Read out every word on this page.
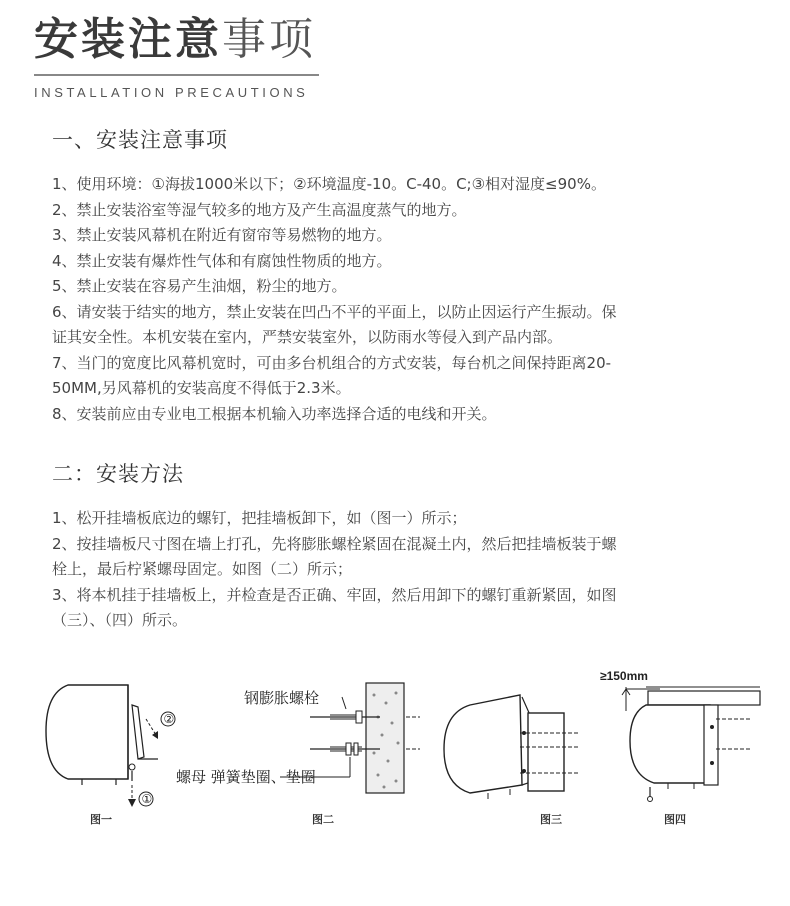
安装注意事项
INSTALLATION PRECAUTIONS
一、安装注意事项
1、使用环境：①海拔1000米以下；②环境温度-10。C-40。C;③相对湿度≤90%。
2、禁止安装浴室等湿气较多的地方及产生高温度蒸气的地方。
3、禁止安装风幕机在附近有窗帘等易燃物的地方。
4、禁止安装有爆炸性气体和有腐蚀性物质的地方。
5、禁止安装在容易产生油烟，粉尘的地方。
6、请安装于结实的地方，禁止安装在凹凸不平的平面上，以防止因运行产生振动。保
证其安全性。本机安装在室内，严禁安装室外，以防雨水等侵入到产品内部。
7、当门的宽度比风幕机宽时，可由多台机组合的方式安装，每台机之间保持距离20-
50MM,另风幕机的安装高度不得低于2.3米。
8、安装前应由专业电工根据本机输入功率选择合适的电线和开关。
二：安装方法
1、松开挂墙板底边的螺钉，把挂墙板卸下，如（图一）所示；
2、按挂墙板尺寸图在墙上打孔，先将膨胀螺栓紧固在混凝土内，然后把挂墙板装于螺
栓上，最后柠紧螺母固定。如图（二）所示；
3、将本机挂于挂墙板上，并检查是否正确、牢固，然后用卸下的螺钉重新紧固，如图
（三）、（四）所示。
②
①
图一
钢膨胀螺栓
螺母 弹簧垫圈、垫圈
图二	图三
≥150mm
图四
